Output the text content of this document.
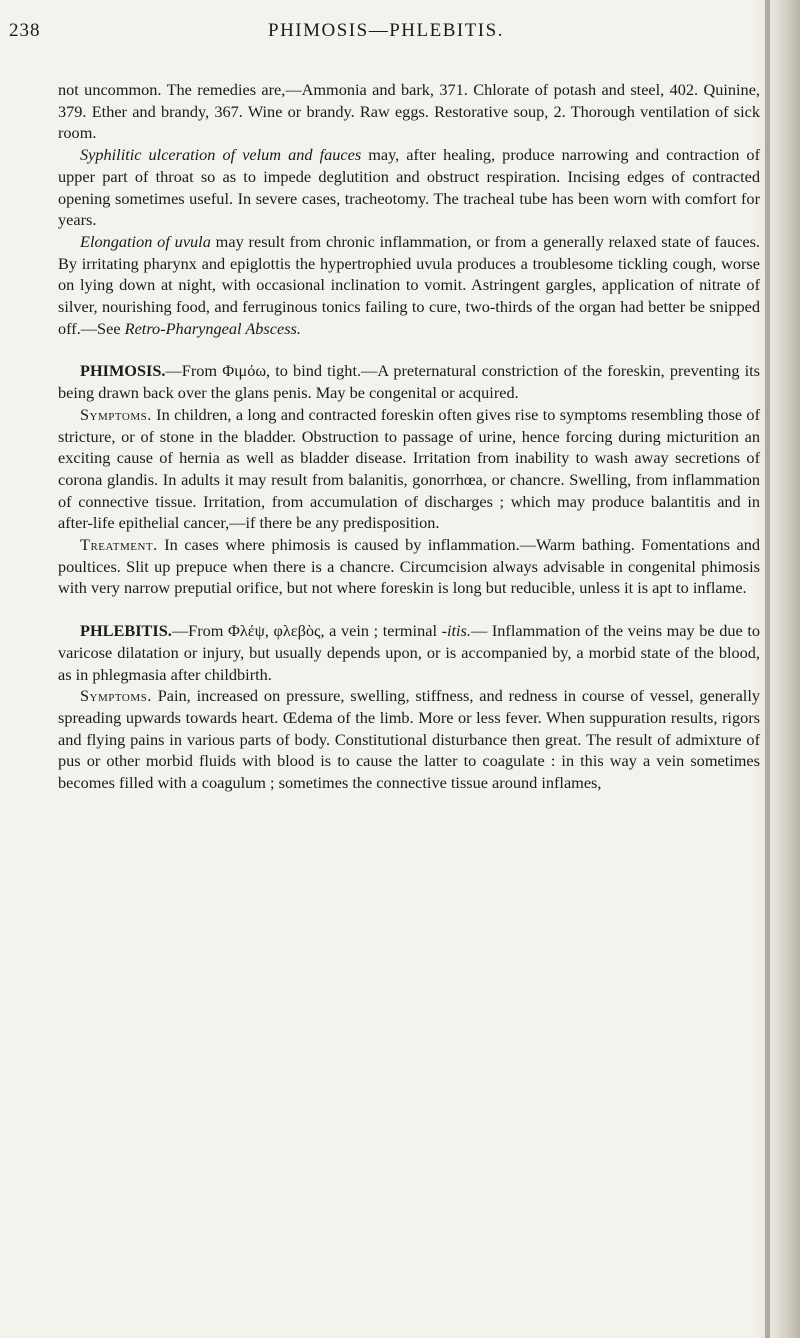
238	PHIMOSIS—PHLEBITIS.

not uncommon. The remedies are,—Ammonia and bark, 371. Chlorate of potash and steel, 402. Quinine, 379. Ether and brandy, 367. Wine or brandy. Raw eggs. Restorative soup, 2. Thorough ventilation of sick room.

Syphilitic ulceration of velum and fauces may, after healing, produce narrowing and contraction of upper part of throat so as to impede deglutition and obstruct respiration. Incising edges of contracted opening sometimes useful. In severe cases, tracheotomy. The tracheal tube has been worn with comfort for years.

Elongation of uvula may result from chronic inflammation, or from a generally relaxed state of fauces. By irritating pharynx and epiglottis the hypertrophied uvula produces a troublesome tickling cough, worse on lying down at night, with occasional inclination to vomit. Astringent gargles, application of nitrate of silver, nourishing food, and ferruginous tonics failing to cure, two-thirds of the organ had better be snipped off.—See Retro-Pharyngeal Abscess.

PHIMOSIS.—From Φιμόω, to bind tight.—A preternatural constriction of the foreskin, preventing its being drawn back over the glans penis. May be congenital or acquired.

Symptoms. In children, a long and contracted foreskin often gives rise to symptoms resembling those of stricture, or of stone in the bladder. Obstruction to passage of urine, hence forcing during micturition an exciting cause of hernia as well as bladder disease. Irritation from inability to wash away secretions of corona glandis. In adults it may result from balanitis, gonorrhœa, or chancre. Swelling, from inflammation of connective tissue. Irritation, from accumulation of discharges ; which may produce balantitis and in after-life epithelial cancer,—if there be any predisposition.

Treatment. In cases where phimosis is caused by inflammation.—Warm bathing. Fomentations and poultices. Slit up prepuce when there is a chancre. Circumcision always advisable in congenital phimosis with very narrow preputial orifice, but not where foreskin is long but reducible, unless it is apt to inflame.

PHLEBITIS.—From Φλέψ, φλεβὸς, a vein ; terminal -itis.— Inflammation of the veins may be due to varicose dilatation or injury, but usually depends upon, or is accompanied by, a morbid state of the blood, as in phlegmasia after childbirth.

Symptoms. Pain, increased on pressure, swelling, stiffness, and redness in course of vessel, generally spreading upwards towards heart. Œdema of the limb. More or less fever. When suppuration results, rigors and flying pains in various parts of body. Constitutional disturbance then great. The result of admixture of pus or other morbid fluids with blood is to cause the latter to coagulate : in this way a vein sometimes becomes filled with a coagulum ; sometimes the connective tissue around inflames,
